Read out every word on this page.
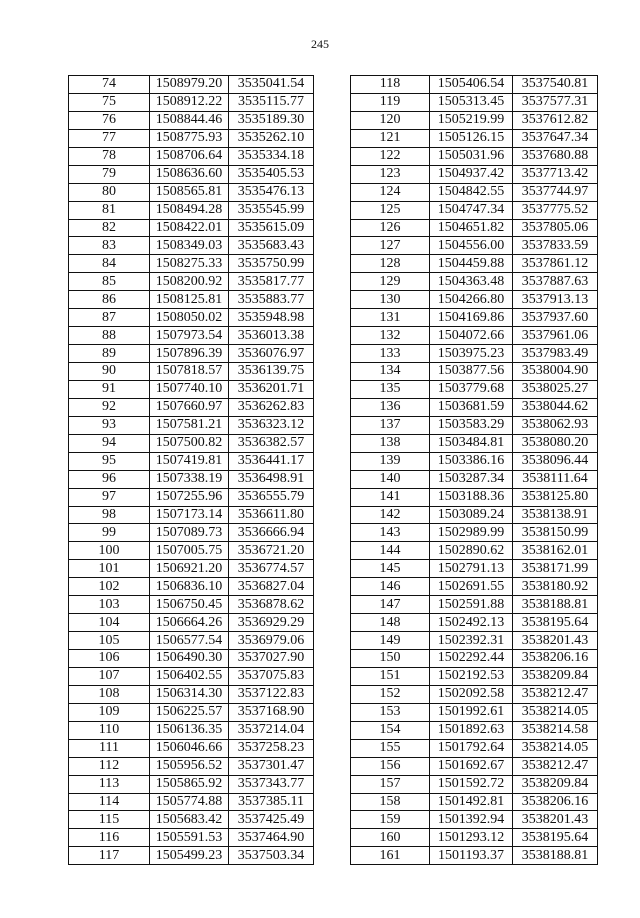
245
74	1508979.20	3535041.54
75	1508912.22	3535115.77
76	1508844.46	3535189.30
77	1508775.93	3535262.10
78	1508706.64	3535334.18
79	1508636.60	3535405.53
80	1508565.81	3535476.13
81	1508494.28	3535545.99
82	1508422.01	3535615.09
83	1508349.03	3535683.43
84	1508275.33	3535750.99
85	1508200.92	3535817.77
86	1508125.81	3535883.77
87	1508050.02	3535948.98
88	1507973.54	3536013.38
89	1507896.39	3536076.97
90	1507818.57	3536139.75
91	1507740.10	3536201.71
92	1507660.97	3536262.83
93	1507581.21	3536323.12
94	1507500.82	3536382.57
95	1507419.81	3536441.17
96	1507338.19	3536498.91
97	1507255.96	3536555.79
98	1507173.14	3536611.80
99	1507089.73	3536666.94
100	1507005.75	3536721.20
101	1506921.20	3536774.57
102	1506836.10	3536827.04
103	1506750.45	3536878.62
104	1506664.26	3536929.29
105	1506577.54	3536979.06
106	1506490.30	3537027.90
107	1506402.55	3537075.83
108	1506314.30	3537122.83
109	1506225.57	3537168.90
110	1506136.35	3537214.04
111	1506046.66	3537258.23
112	1505956.52	3537301.47
113	1505865.92	3537343.77
114	1505774.88	3537385.11
115	1505683.42	3537425.49
116	1505591.53	3537464.90
117	1505499.23	3537503.34
118	1505406.54	3537540.81
119	1505313.45	3537577.31
120	1505219.99	3537612.82
121	1505126.15	3537647.34
122	1505031.96	3537680.88
123	1504937.42	3537713.42
124	1504842.55	3537744.97
125	1504747.34	3537775.52
126	1504651.82	3537805.06
127	1504556.00	3537833.59
128	1504459.88	3537861.12
129	1504363.48	3537887.63
130	1504266.80	3537913.13
131	1504169.86	3537937.60
132	1504072.66	3537961.06
133	1503975.23	3537983.49
134	1503877.56	3538004.90
135	1503779.68	3538025.27
136	1503681.59	3538044.62
137	1503583.29	3538062.93
138	1503484.81	3538080.20
139	1503386.16	3538096.44
140	1503287.34	3538111.64
141	1503188.36	3538125.80
142	1503089.24	3538138.91
143	1502989.99	3538150.99
144	1502890.62	3538162.01
145	1502791.13	3538171.99
146	1502691.55	3538180.92
147	1502591.88	3538188.81
148	1502492.13	3538195.64
149	1502392.31	3538201.43
150	1502292.44	3538206.16
151	1502192.53	3538209.84
152	1502092.58	3538212.47
153	1501992.61	3538214.05
154	1501892.63	3538214.58
155	1501792.64	3538214.05
156	1501692.67	3538212.47
157	1501592.72	3538209.84
158	1501492.81	3538206.16
159	1501392.94	3538201.43
160	1501293.12	3538195.64
161	1501193.37	3538188.81
